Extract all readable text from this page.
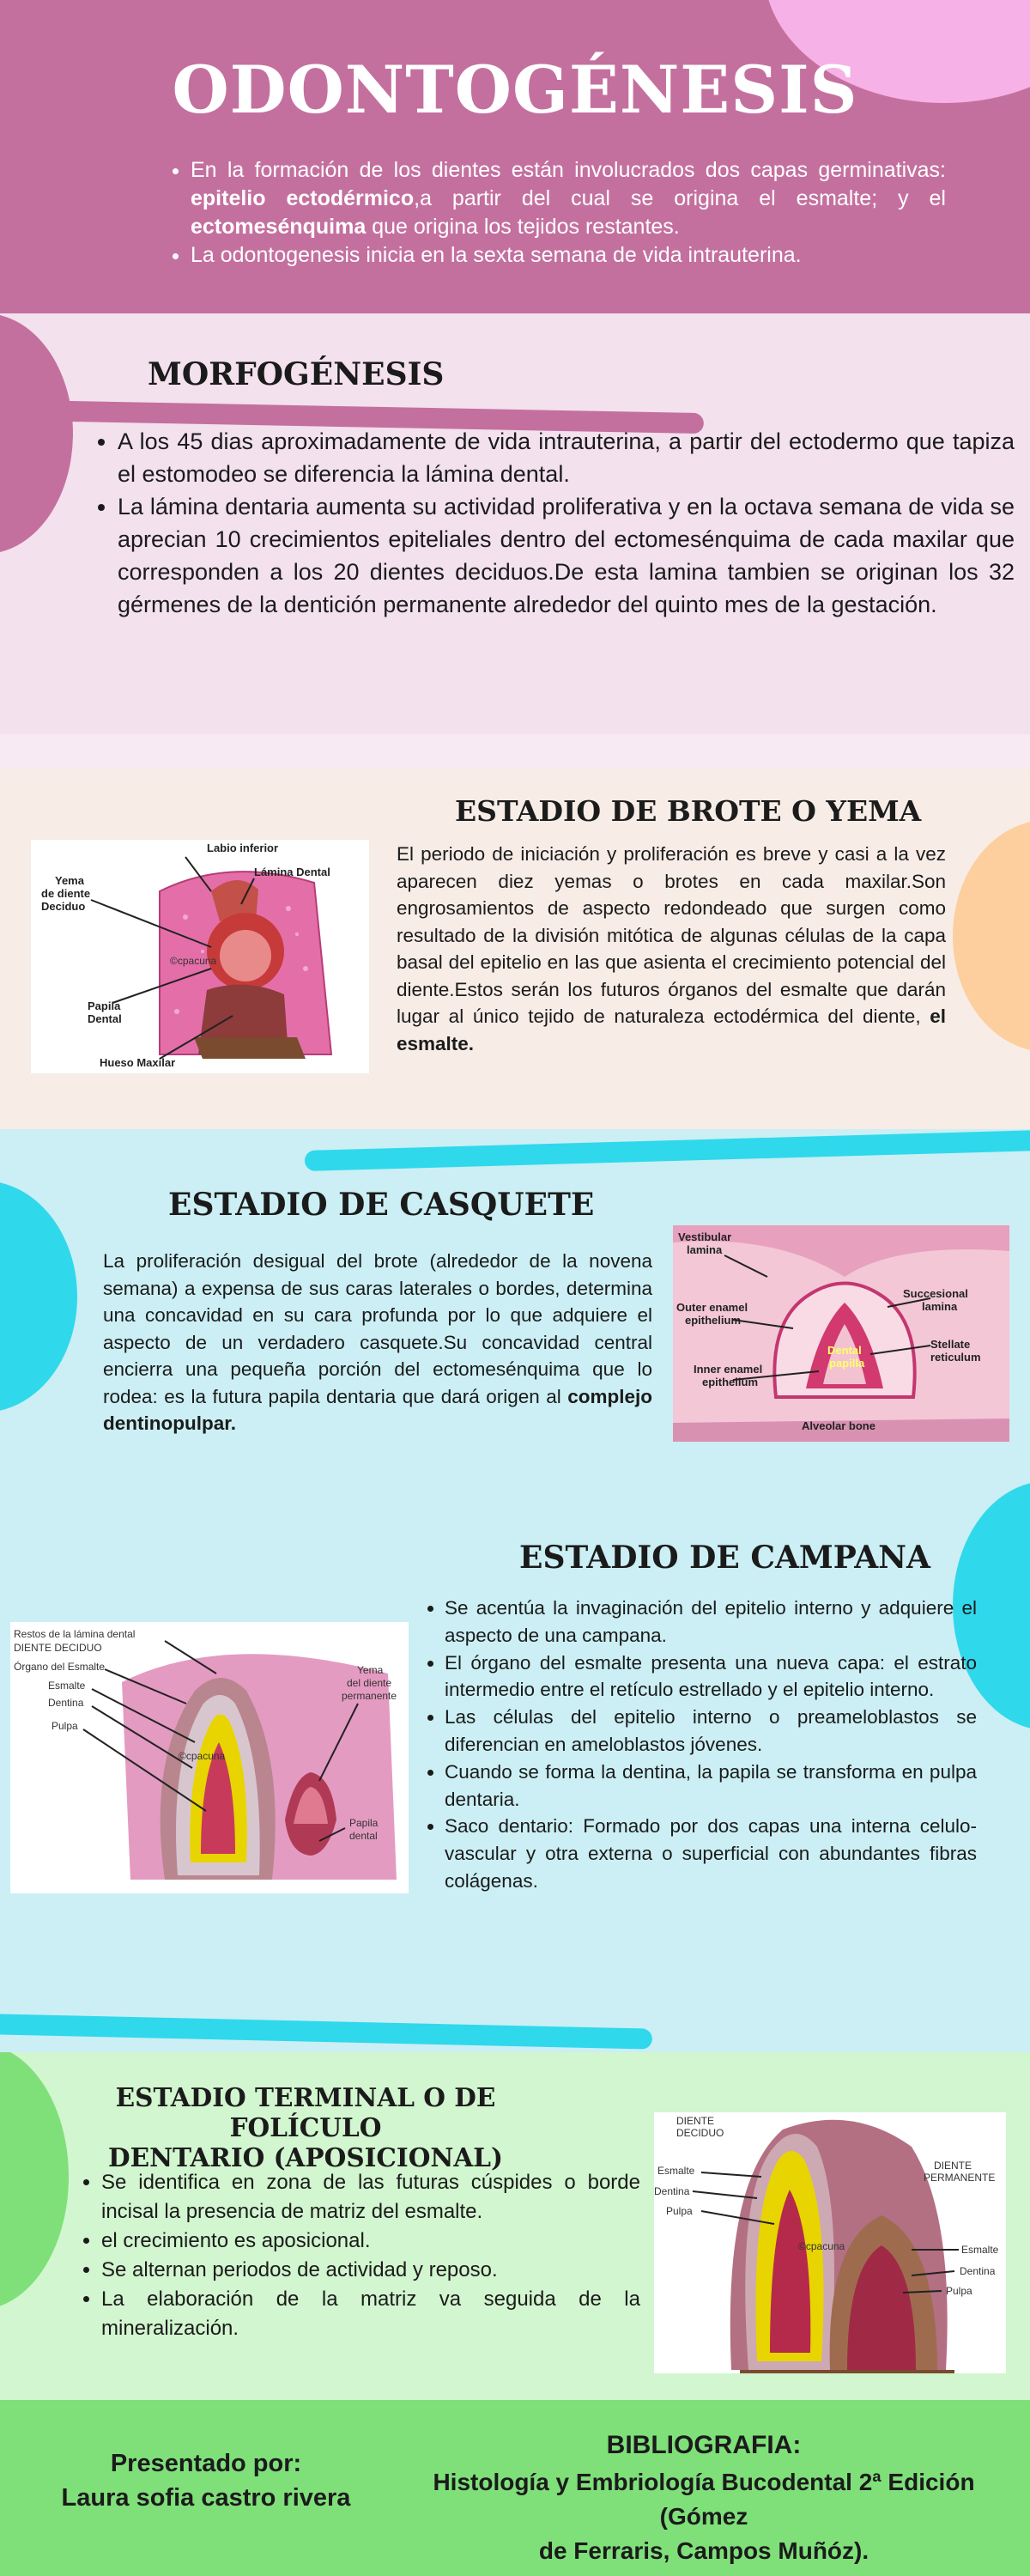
ODONTOGÉNESIS
• En la formación de los dientes están involucrados dos capas germinativas: epitelio ectodérmico,a partir del cual se origina el esmalte; y el ectomesénquima que origina los tejidos restantes.
• La odontogenesis inicia en la sexta semana de vida intrauterina.
MORFOGÉNESIS
• A los 45 dias aproximadamente de vida intrauterina, a partir del ectodermo que tapiza el estomodeo se diferencia la lámina dental.
• La lámina dentaria aumenta su actividad proliferativa y en la octava semana de vida se aprecian 10 crecimientos epiteliales dentro del ectomesénquima de cada maxilar que corresponden a los 20 dientes deciduos.De esta lamina tambien se originan los 32 gérmenes de la dentición permanente alrededor del quinto mes de la gestación.
ESTADIO DE BROTE O YEMA
El periodo de iniciación y proliferación es breve y casi a la vez aparecen diez yemas o brotes en cada maxilar.Son engrosamientos de aspecto redondeado que surgen como resultado de la división mitótica de algunas células de la capa basal del epitelio en las que asienta el crecimiento potencial del diente.Estos serán los futuros órganos del esmalte que darán lugar al único tejido de naturaleza ectodérmica del diente, el esmalte.
Labio inferior
Lámina Dental
Yema
de diente
Deciduo
Papila
Dental
Hueso Maxilar
©cpacuna
ESTADIO DE CASQUETE
La proliferación desigual del brote (alrededor de la novena semana) a expensa de sus caras laterales o bordes, determina una concavidad en su cara profunda por lo que adquiere el aspecto de un verdadero casquete.Su concavidad central encierra una pequeña porción del ectomesénquima que lo rodea: es la futura papila dentaria que dará origen al complejo dentinopulpar.
Vestibular
lamina
Succesional
lamina
Outer enamel
epithelium
Stellate
reticulum
Inner enamel
epithelium
Dental
papilla
Alveolar bone
ESTADIO DE CAMPANA
• Se acentúa la invaginación del epitelio interno y adquiere el aspecto de una campana.
• El órgano del esmalte presenta una nueva capa: el estrato intermedio entre el retículo estrellado y el epitelio interno.
• Las células del epitelio interno o preameloblastos se diferencian en ameloblastos jóvenes.
• Cuando se forma la dentina, la papila se transforma en pulpa dentaria.
• Saco dentario: Formado por dos capas una interna celulo-vascular y otra externa o superficial con abundantes fibras colágenas.
Restos de la lámina dental
DIENTE DECIDUO
Órgano del Esmalte
Esmalte
Dentina
Pulpa
Yema
del diente
permanente
Papila
dental
©cpacuna
ESTADIO TERMINAL O DE FOLÍCULO
DENTARIO (APOSICIONAL)
• Se identifica en zona de las futuras cúspides o borde incisal la presencia de matriz del esmalte.
• el crecimiento es aposicional.
• Se alternan periodos de actividad y reposo.
• La elaboración de la matriz va seguida de la mineralización.
DIENTE
DECIDUO
Esmalte
Dentina
Pulpa
DIENTE
PERMANENTE
Esmalte
Dentina
Pulpa
©cpacuna
Presentado por:
Laura sofia castro rivera
BIBLIOGRAFIA:
Histología y Embriología Bucodental 2ª Edición (Gómez
de Ferraris, Campos Muñóz).
